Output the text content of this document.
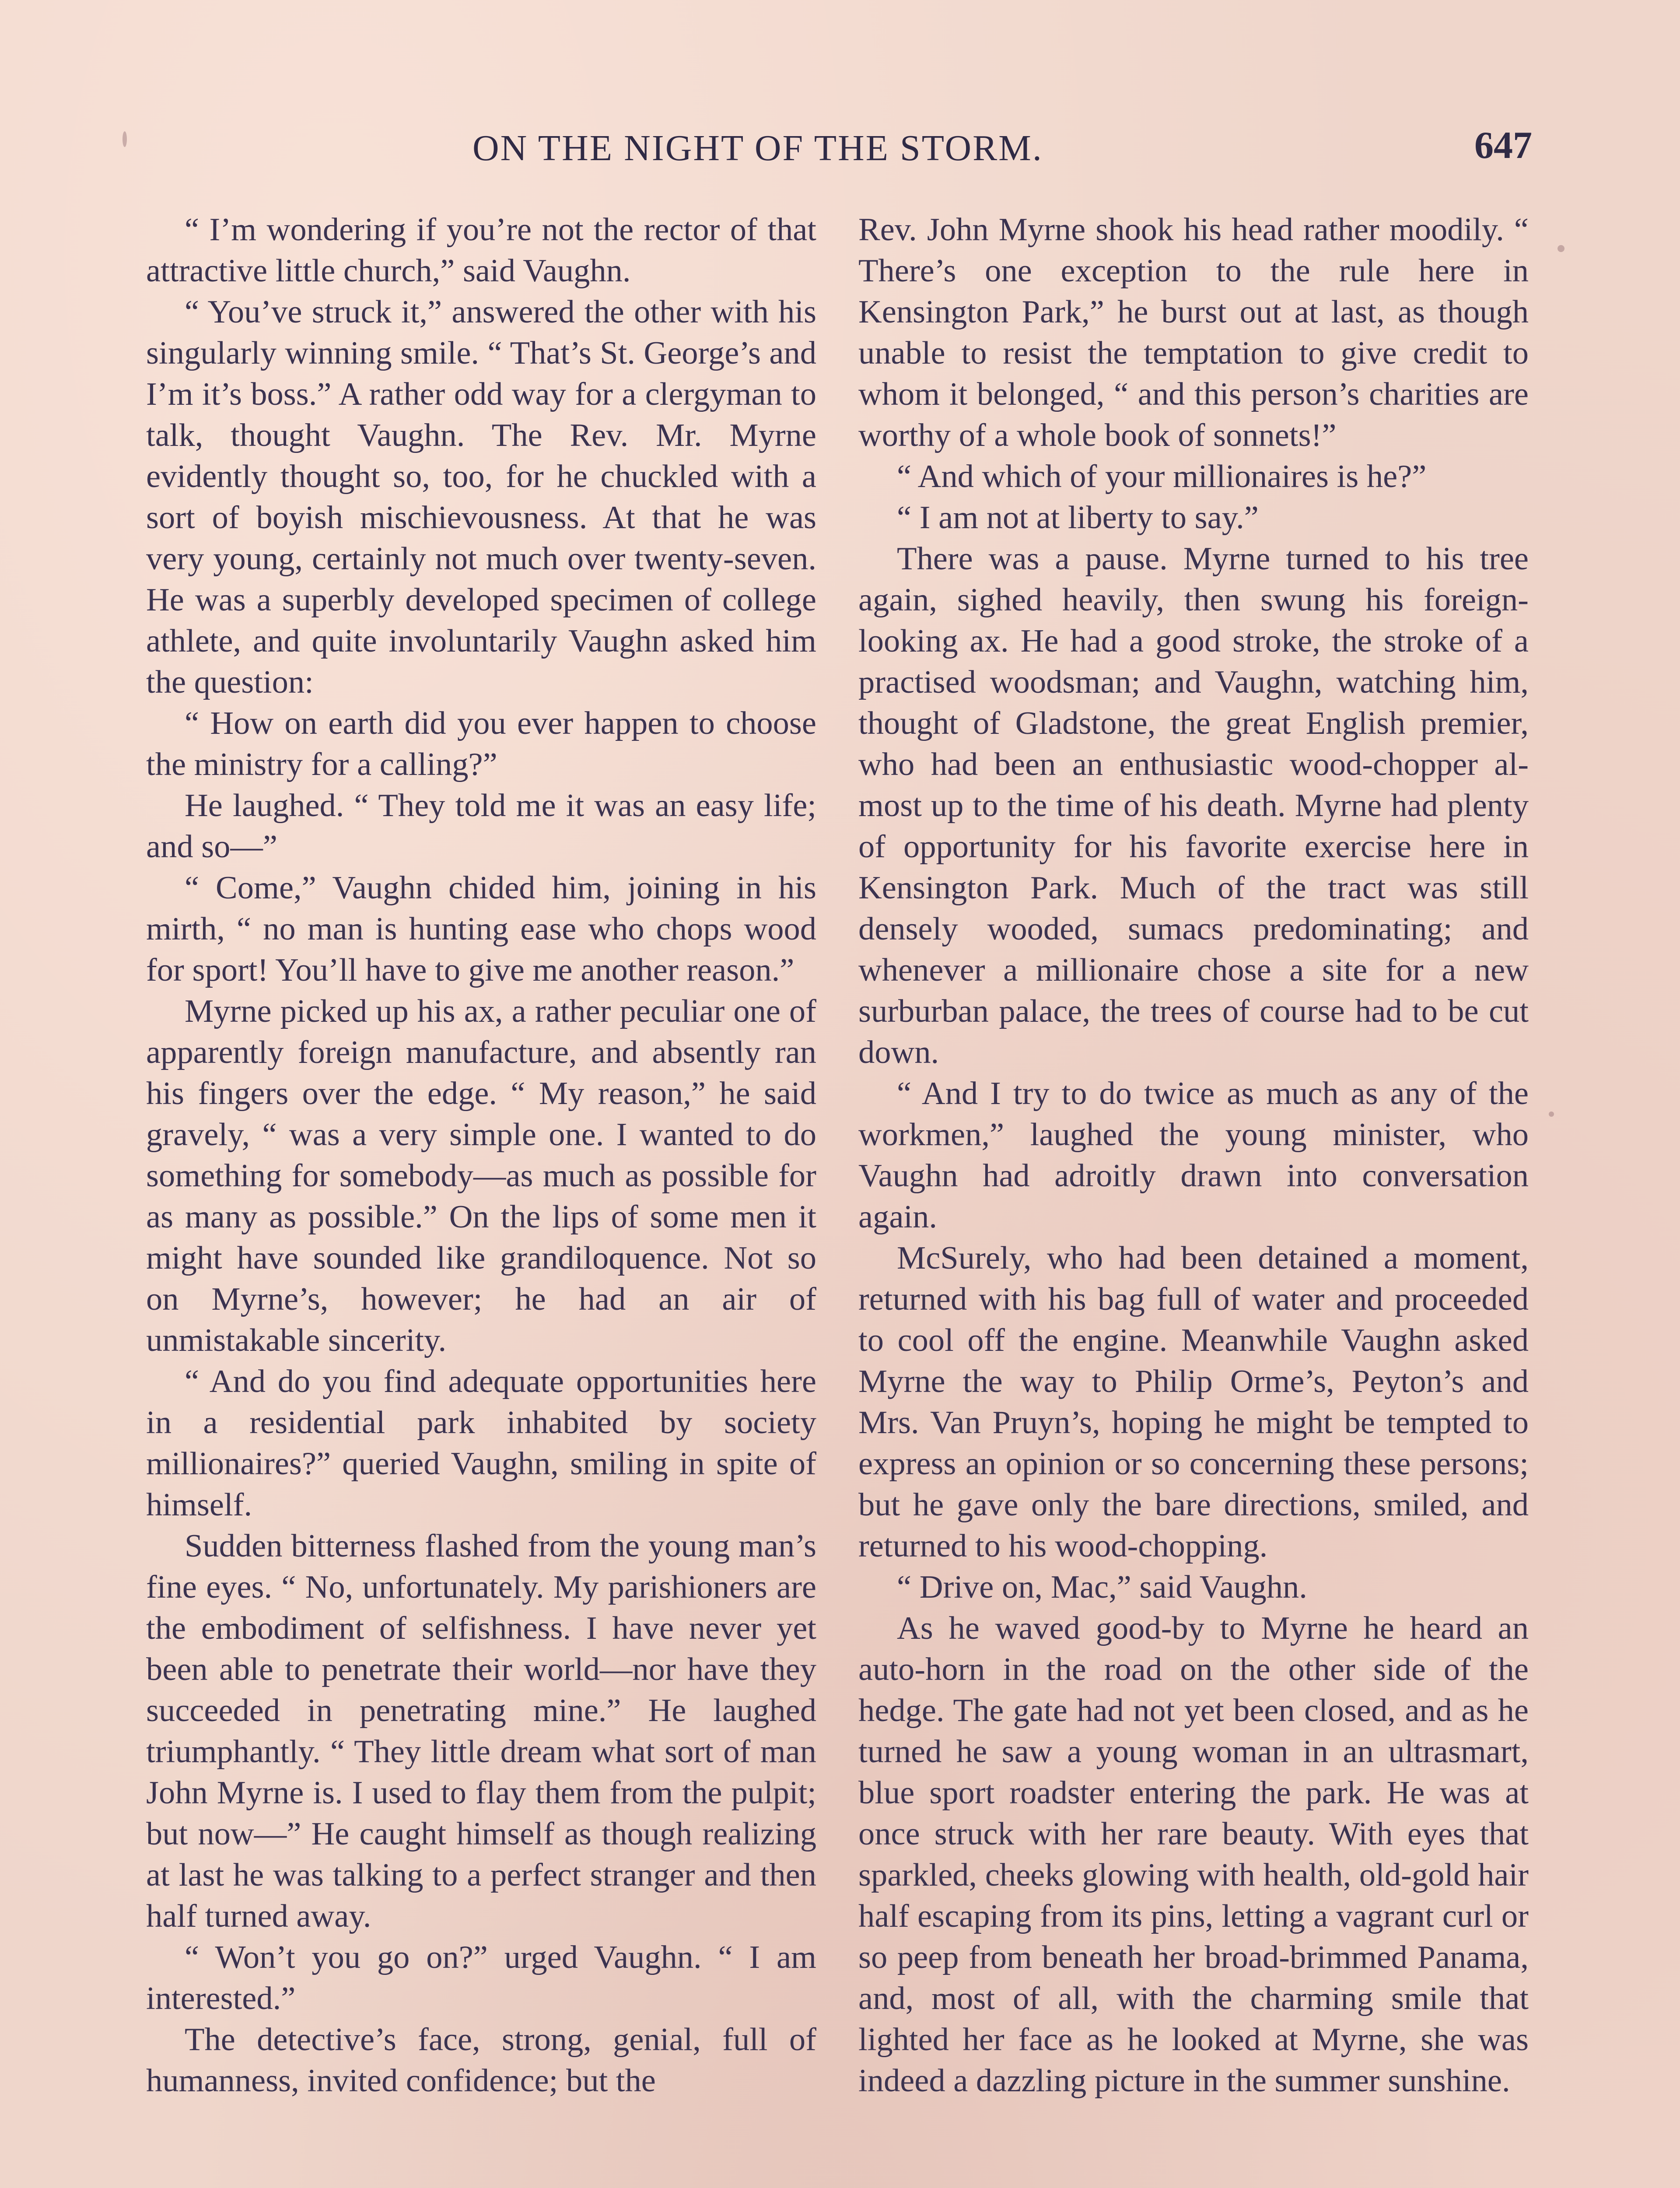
ON THE NIGHT OF THE STORM.	647

“ I’m wondering if you’re not the rector of that attractive little church,” said Vaughn.

“ You’ve struck it,” answered the other with his singularly winning smile. “ That’s St. George’s and I’m it’s boss.” A rather odd way for a clergyman to talk, thought Vaughn. The Rev. Mr. Myrne evidently thought so, too, for he chuckled with a sort of boyish mischievousness. At that he was very young, certainly not much over twenty-seven. He was a superbly developed specimen of college athlete, and quite involuntarily Vaughn asked him the question:

“ How on earth did you ever happen to choose the ministry for a calling?”

He laughed. “ They told me it was an easy life; and so—”

“ Come,” Vaughn chided him, joining in his mirth, “ no man is hunting ease who chops wood for sport! You’ll have to give me another reason.”

Myrne picked up his ax, a rather peculiar one of apparently foreign manufacture, and absently ran his fingers over the edge. “ My reason,” he said gravely, “ was a very simple one. I wanted to do something for somebody—as much as possible for as many as possible.” On the lips of some men it might have sounded like grandiloquence. Not so on Myrne’s, however; he had an air of unmistakable sincerity.

“ And do you find adequate opportunities here in a residential park inhabited by society millionaires?” queried Vaughn, smiling in spite of himself.

Sudden bitterness flashed from the young man’s fine eyes. “ No, unfortunately. My parishioners are the embodiment of selfishness. I have never yet been able to penetrate their world—nor have they succeeded in penetrating mine.” He laughed triumphantly. “ They little dream what sort of man John Myrne is. I used to flay them from the pulpit; but now—” He caught himself as though realizing at last he was talking to a perfect stranger and then half turned away.

“ Won’t you go on?” urged Vaughn. “ I am interested.”

The detective’s face, strong, genial, full of humanness, invited confidence; but the

Rev. John Myrne shook his head rather moodily. “ There’s one exception to the rule here in Kensington Park,” he burst out at last, as though unable to resist the temptation to give credit to whom it belonged, “ and this person’s charities are worthy of a whole book of sonnets!”

“ And which of your millionaires is he?”

“ I am not at liberty to say.”

There was a pause. Myrne turned to his tree again, sighed heavily, then swung his foreign-looking ax. He had a good stroke, the stroke of a practised woodsman; and Vaughn, watching him, thought of Gladstone, the great English premier, who had been an enthusiastic wood-chopper almost up to the time of his death. Myrne had plenty of opportunity for his favorite exercise here in Kensington Park. Much of the tract was still densely wooded, sumacs predominating; and whenever a millionaire chose a site for a new surburban palace, the trees of course had to be cut down.

“ And I try to do twice as much as any of the workmen,” laughed the young minister, who Vaughn had adroitly drawn into conversation again.

McSurely, who had been detained a moment, returned with his bag full of water and proceeded to cool off the engine. Meanwhile Vaughn asked Myrne the way to Philip Orme’s, Peyton’s and Mrs. Van Pruyn’s, hoping he might be tempted to express an opinion or so concerning these persons; but he gave only the bare directions, smiled, and returned to his wood-chopping.

“ Drive on, Mac,” said Vaughn.

As he waved good-by to Myrne he heard an auto-horn in the road on the other side of the hedge. The gate had not yet been closed, and as he turned he saw a young woman in an ultrasmart, blue sport roadster entering the park. He was at once struck with her rare beauty. With eyes that sparkled, cheeks glowing with health, old-gold hair half escaping from its pins, letting a vagrant curl or so peep from beneath her broad-brimmed Panama, and, most of all, with the charming smile that lighted her face as he looked at Myrne, she was indeed a dazzling picture in the summer sunshine.
